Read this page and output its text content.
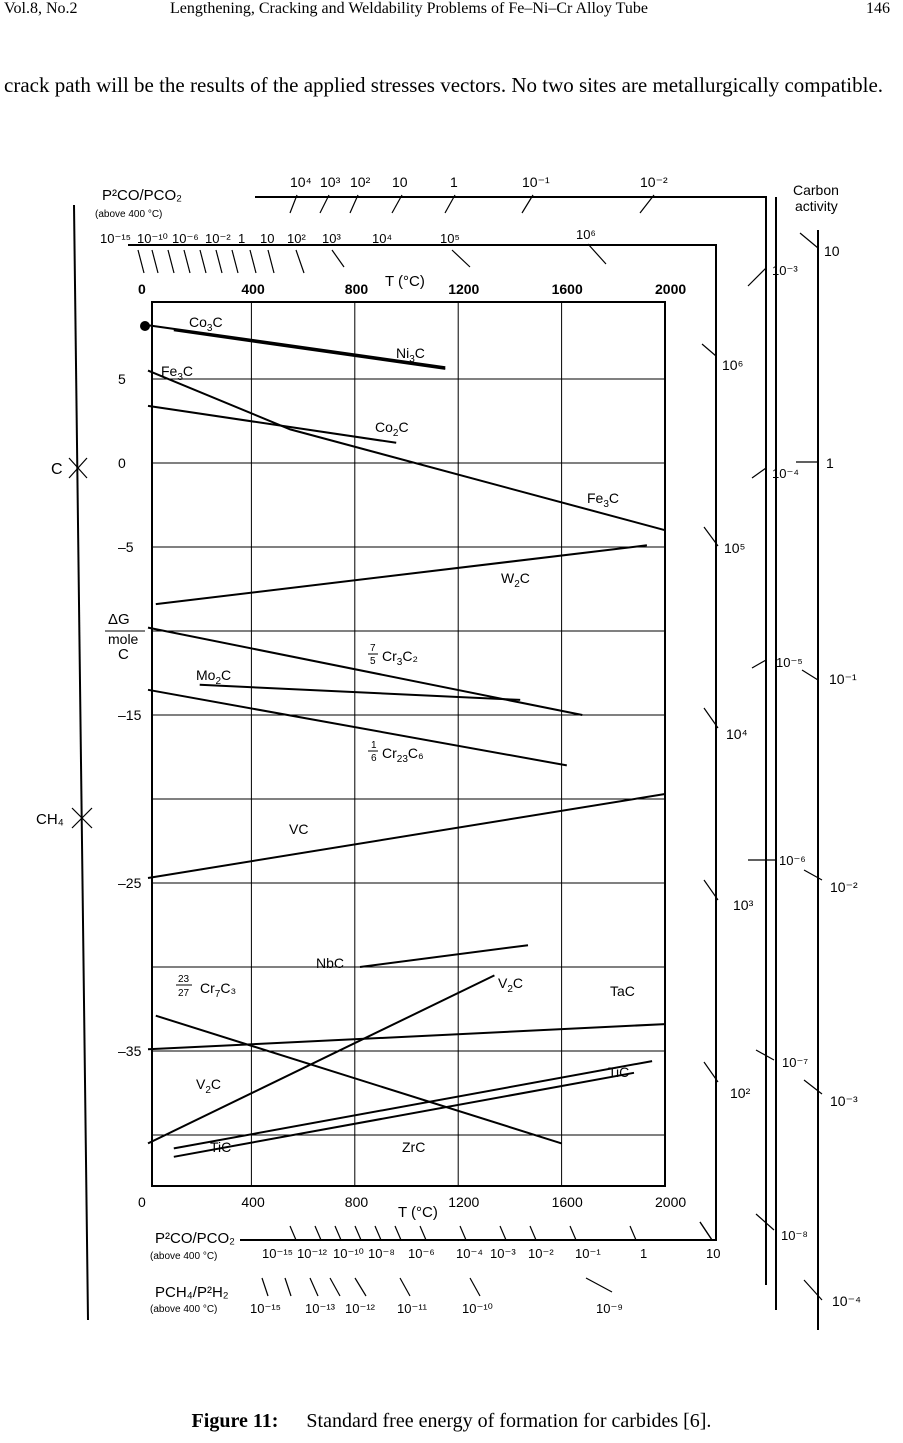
Vol.8, No.2	Lengthening, Cracking and Weldability Problems of Fe–Ni–Cr Alloy Tube	146
crack path will be the results of the applied stresses vectors. No two sites are metallurgically compatible.
0
0
400
400
800
800
1200
1200
1600
1600
2000
2000
5
0
–5
–15
–25
–35
T (°C)
T (°C)
ΔG
mole
C
P²CO/PCO₂
(above 400 °C)
P²CO/PCO₂
(above 400 °C)
PCH₄/P²H₂
(above 400 °C)
Carbon
activity
C
CH₄
10⁴ 10³ 10² 10	1	10⁻¹	10⁻²
10⁻¹⁵ 10⁻¹⁰ 10⁻⁶ 10⁻² 1 10 10² 10³ 10⁴	10⁵	10⁶
10⁶
10⁵
10⁴
10³
10²
10⁻³
10⁻⁴
10⁻⁵
10⁻⁶
10⁻⁷
10⁻⁸
10
1
10⁻¹
10⁻²
10⁻³
10⁻⁴
10⁻¹⁵ 10⁻¹² 10⁻¹⁰ 10⁻⁸ 10⁻⁶ 10⁻⁴ 10⁻³ 10⁻² 10⁻¹	1	10
10⁻¹⁵ 10⁻¹³ 10⁻¹² 10⁻¹¹	10⁻¹⁰	10⁻⁹
$Co_3C$
$Ni_3C$
$Fe_3C$
$Fe_3C$
$Co_2C$
$W_2C$
7
5 $Cr_3C_2$
$Mo_2C$
1
6 $Cr_{23}C_6$
VC
NbC
23
27 $Cr_7C_3$	$V_2C$
$V_2C$
TaC
TiC
TiC	ZrC
Figure 11: Standard free energy of formation for carbides [6].
